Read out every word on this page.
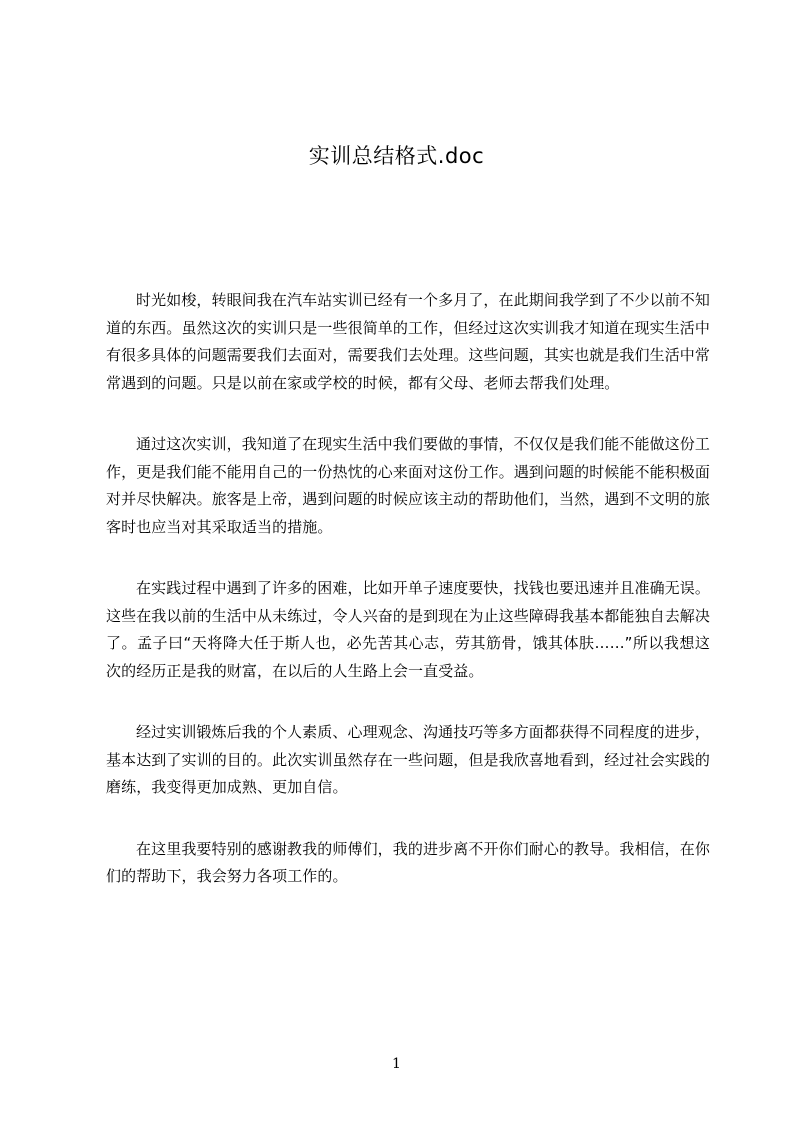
实训总结格式.doc

时光如梭，转眼间我在汽车站实训已经有一个多月了，在此期间我学到了不少以前不知道的东西。虽然这次的实训只是一些很简单的工作，但经过这次实训我才知道在现实生活中有很多具体的问题需要我们去面对，需要我们去处理。这些问题，其实也就是我们生活中常常遇到的问题。只是以前在家或学校的时候，都有父母、老师去帮我们处理。

通过这次实训，我知道了在现实生活中我们要做的事情，不仅仅是我们能不能做这份工作，更是我们能不能用自己的一份热忱的心来面对这份工作。遇到问题的时候能不能积极面对并尽快解决。旅客是上帝，遇到问题的时候应该主动的帮助他们，当然，遇到不文明的旅客时也应当对其采取适当的措施。

在实践过程中遇到了许多的困难，比如开单子速度要快，找钱也要迅速并且准确无误。这些在我以前的生活中从未练过，令人兴奋的是到现在为止这些障碍我基本都能独自去解决了。孟子曰“天将降大任于斯人也，必先苦其心志，劳其筋骨，饿其体肤……”所以我想这次的经历正是我的财富，在以后的人生路上会一直受益。

经过实训锻炼后我的个人素质、心理观念、沟通技巧等多方面都获得不同程度的进步，基本达到了实训的目的。此次实训虽然存在一些问题，但是我欣喜地看到，经过社会实践的磨练，我变得更加成熟、更加自信。

在这里我要特别的感谢教我的师傅们，我的进步离不开你们耐心的教导。我相信，在你们的帮助下，我会努力各项工作的。

1
